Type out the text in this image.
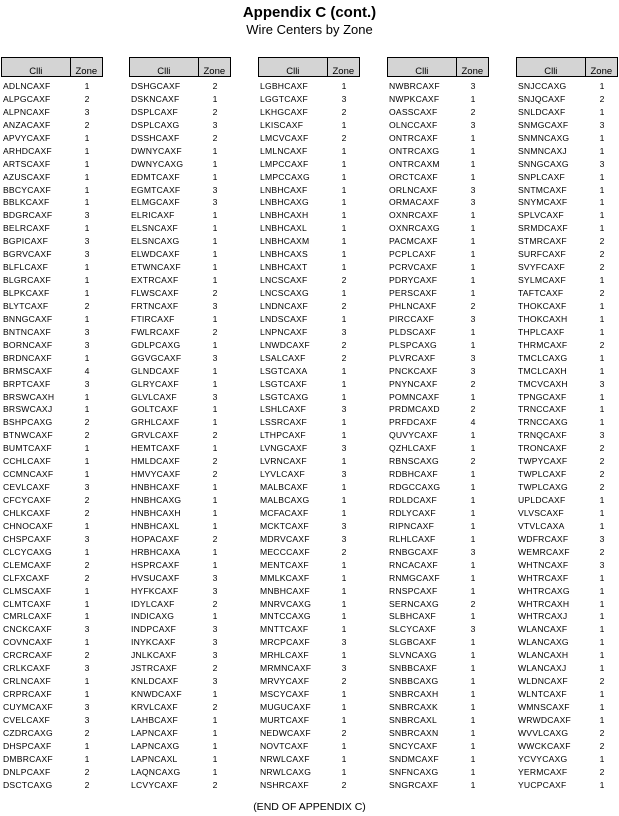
Appendix C (cont.)
Wire Centers by Zone
Clli	Zone
ADLNCAXF	1
ALPGCAXF	2
ALPNCAXF	3
ANZACAXF	2
APVYCAXF	1
ARHDCAXF	1
ARTSCAXF	1
AZUSCAXF	1
BBCYCAXF	1
BBLKCAXF	1
BDGRCAXF	3
BELRCAXF	1
BGPICAXF	3
BGRVCAXF	3
BLFLCAXF	1
BLGRCAXF	1
BLPKCAXF	1
BLYTCAXF	2
BNNGCAXF	1
BNTNCAXF	3
BORNCAXF	3
BRDNCAXF	1
BRMSCAXF	4
BRPTCAXF	3
BRSWCAXH	1
BRSWCAXJ	1
BSHPCAXG	2
BTNWCAXF	2
BUMTCAXF	1
CCHLCAXF	1
CCMNCAXF	1
CEVLCAXF	3
CFCYCAXF	2
CHLKCAXF	2
CHNOCAXF	1
CHSPCAXF	3
CLCYCAXG	1
CLEMCAXF	2
CLFXCAXF	2
CLMSCAXF	1
CLMTCAXF	1
CMRLCAXF	1
CNCKCAXF	3
COVNCAXF	1
CRCRCAXF	2
CRLKCAXF	3
CRLNCAXF	1
CRPRCAXF	1
CUYMCAXF	3
CVELCAXF	3
CZDRCAXG	2
DHSPCAXF	1
DMBRCAXF	1
DNLPCAXF	2
DSCTCAXG	2
Clli	Zone
DSHGCAXF	2
DSKNCAXF	1
DSPLCAXF	2
DSPLCAXG	3
DSSHCAXF	2
DWNYCAXF	1
DWNYCAXG	1
EDMTCAXF	1
EGMTCAXF	3
ELMGCAXF	3
ELRICAXF	1
ELSNCAXF	1
ELSNCAXG	1
ELWDCAXF	1
ETWNCAXF	1
EXTRCAXF	1
FLWSCAXF	2
FRTNCAXF	3
FTIRCAXF	1
FWLRCAXF	2
GDLPCAXG	1
GGVGCAXF	3
GLNDCAXF	1
GLRYCAXF	1
GLVLCAXF	3
GOLTCAXF	1
GRHLCAXF	1
GRVLCAXF	2
HEMTCAXF	1
HMLDCAXF	2
HMVYCAXF	2
HNBHCAXF	1
HNBHCAXG	1
HNBHCAXH	1
HNBHCAXL	1
HOPACAXF	2
HRBHCAXA	1
HSPRCAXF	1
HVSUCAXF	3
HYFKCAXF	3
IDYLCAXF	2
INDICAXG	1
INDPCAXF	3
INYKCAXF	3
JNLKCAXF	3
JSTRCAXF	2
KNLDCAXF	3
KNWDCAXF	1
KRVLCAXF	2
LAHBCAXF	1
LAPNCAXF	1
LAPNCAXG	1
LAPNCAXL	1
LAQNCAXG	1
LCVYCAXF	2
Clli	Zone
LGBHCAXF	1
LGGTCAXF	3
LKHGCAXF	2
LKISCAXF	1
LMCVCAXF	2
LMLNCAXF	1
LMPCCAXF	1
LMPCCAXG	1
LNBHCAXF	1
LNBHCAXG	1
LNBHCAXH	1
LNBHCAXL	1
LNBHCAXM	1
LNBHCAXS	1
LNBHCAXT	1
LNCSCAXF	2
LNCSCAXG	1
LNDNCAXF	2
LNDSCAXF	1
LNPNCAXF	3
LNWDCAXF	2
LSALCAXF	2
LSGTCAXA	1
LSGTCAXF	1
LSGTCAXG	1
LSHLCAXF	3
LSSRCAXF	1
LTHPCAXF	1
LVNGCAXF	3
LVRNCAXF	1
LYVLCAXF	3
MALBCAXF	1
MALBCAXG	1
MCFACAXF	1
MCKTCAXF	3
MDRVCAXF	3
MECCCAXF	2
MENTCAXF	1
MMLKCAXF	1
MNBHCAXF	1
MNRVCAXG	1
MNTCCAXG	1
MNTTCAXF	1
MRCPCAXF	3
MRHLCAXF	1
MRMNCAXF	3
MRVYCAXF	2
MSCYCAXF	1
MUGUCAXF	1
MURTCAXF	1
NEDWCAXF	2
NOVTCAXF	1
NRWLCAXF	1
NRWLCAXG	1
NSHRCAXF	2
Clli	Zone
NWBRCAXF	3
NWPKCAXF	1
OASSCAXF	2
OLNCCAXF	3
ONTRCAXF	1
ONTRCAXG	1
ONTRCAXM	1
ORCTCAXF	1
ORLNCAXF	3
ORMACAXF	3
OXNRCAXF	1
OXNRCAXG	1
PACMCAXF	1
PCPLCAXF	1
PCRVCAXF	1
PDRYCAXF	1
PERSCAXF	1
PHLNCAXF	2
PIRCCAXF	3
PLDSCAXF	1
PLSPCAXG	1
PLVRCAXF	3
PNCKCAXF	3
PNYNCAXF	2
POMNCAXF	1
PRDMCAXD	2
PRFDCAXF	4
QUVYCAXF	1
QZHLCAXF	1
RBNSCAXG	2
RDBHCAXF	1
RDGCCAXG	1
RDLDCAXF	1
RDLYCAXF	1
RIPNCAXF	1
RLHLCAXF	1
RNBGCAXF	3
RNCACAXF	1
RNMGCAXF	1
RNSPCAXF	1
SERNCAXG	2
SLBHCAXF	1
SLCYCAXF	3
SLGBCAXF	1
SLVNCAXG	1
SNBBCAXF	1
SNBBCAXG	1
SNBRCAXH	1
SNBRCAXK	1
SNBRCAXL	1
SNBRCAXN	1
SNCYCAXF	1
SNDMCAXF	1
SNFNCAXG	1
SNGRCAXF	1
Clli	Zone
SNJCCAXG	1
SNJQCAXF	2
SNLDCAXF	1
SNMGCAXF	3
SNMNCAXG	1
SNMNCAXJ	1
SNNGCAXG	3
SNPLCAXF	1
SNTMCAXF	1
SNYMCAXF	1
SPLVCAXF	1
SRMDCAXF	1
STMRCAXF	2
SURFCAXF	2
SVYFCAXF	2
SYLMCAXF	1
TAFTCAXF	2
THOKCAXF	1
THOKCAXH	1
THPLCAXF	1
THRMCAXF	2
TMCLCAXG	1
TMCLCAXH	1
TMCVCAXH	3
TPNGCAXF	1
TRNCCAXF	1
TRNCCAXG	1
TRNQCAXF	3
TRONCAXF	2
TWPYCAXF	2
TWPLCAXF	2
TWPLCAXG	2
UPLDCAXF	1
VLVSCAXF	1
VTVLCAXA	1
WDFRCAXF	3
WEMRCAXF	2
WHTNCAXF	3
WHTRCAXF	1
WHTRCAXG	1
WHTRCAXH	1
WHTRCAXJ	1
WLANCAXF	1
WLANCAXG	1
WLANCAXH	1
WLANCAXJ	1
WLDNCAXF	2
WLNTCAXF	1
WMNSCAXF	1
WRWDCAXF	1
WVVLCAXG	2
WWCKCAXF	2
YCVYCAXG	1
YERMCAXF	2
YUCPCAXF	1
(END OF APPENDIX C)
